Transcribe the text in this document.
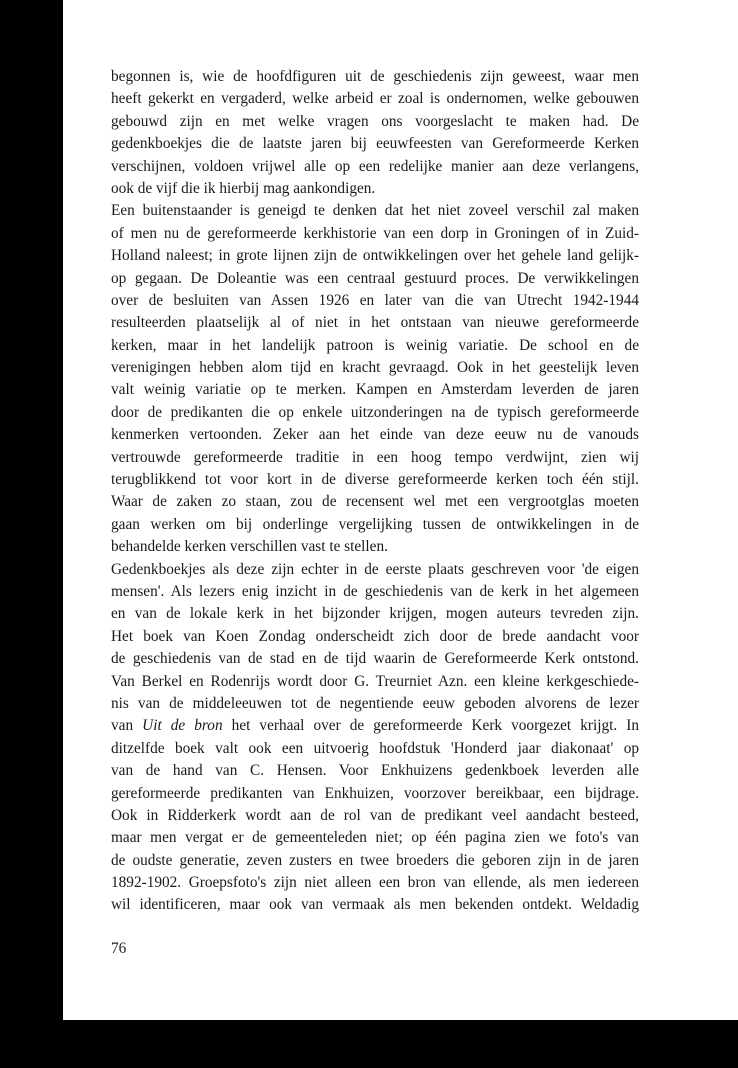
begonnen is, wie de hoofdfiguren uit de geschiedenis zijn geweest, waar men
heeft gekerkt en vergaderd, welke arbeid er zoal is ondernomen, welke gebouwen
gebouwd zijn en met welke vragen ons voorgeslacht te maken had. De
gedenkboekjes die de laatste jaren bij eeuwfeesten van Gereformeerde Kerken
verschijnen, voldoen vrijwel alle op een redelijke manier aan deze verlangens,
ook de vijf die ik hierbij mag aankondigen.
Een buitenstaander is geneigd te denken dat het niet zoveel verschil zal maken
of men nu de gereformeerde kerkhistorie van een dorp in Groningen of in Zuid-
Holland naleest; in grote lijnen zijn de ontwikkelingen over het gehele land gelijk-
op gegaan. De Doleantie was een centraal gestuurd proces. De verwikkelingen
over de besluiten van Assen 1926 en later van die van Utrecht 1942-1944
resulteerden plaatselijk al of niet in het ontstaan van nieuwe gereformeerde
kerken, maar in het landelijk patroon is weinig variatie. De school en de
verenigingen hebben alom tijd en kracht gevraagd. Ook in het geestelijk leven
valt weinig variatie op te merken. Kampen en Amsterdam leverden de jaren
door de predikanten die op enkele uitzonderingen na de typisch gereformeerde
kenmerken vertoonden. Zeker aan het einde van deze eeuw nu de vanouds
vertrouwde gereformeerde traditie in een hoog tempo verdwijnt, zien wij
terugblikkend tot voor kort in de diverse gereformeerde kerken toch één stijl.
Waar de zaken zo staan, zou de recensent wel met een vergrootglas moeten
gaan werken om bij onderlinge vergelijking tussen de ontwikkelingen in de
behandelde kerken verschillen vast te stellen.
Gedenkboekjes als deze zijn echter in de eerste plaats geschreven voor 'de eigen
mensen'. Als lezers enig inzicht in de geschiedenis van de kerk in het algemeen
en van de lokale kerk in het bijzonder krijgen, mogen auteurs tevreden zijn.
Het boek van Koen Zondag onderscheidt zich door de brede aandacht voor
de geschiedenis van de stad en de tijd waarin de Gereformeerde Kerk ontstond.
Van Berkel en Rodenrijs wordt door G. Treurniet Azn. een kleine kerkgeschiede-
nis van de middeleeuwen tot de negentiende eeuw geboden alvorens de lezer
van Uit de bron het verhaal over de gereformeerde Kerk voorgezet krijgt. In
ditzelfde boek valt ook een uitvoerig hoofdstuk 'Honderd jaar diakonaat' op
van de hand van C. Hensen. Voor Enkhuizens gedenkboek leverden alle
gereformeerde predikanten van Enkhuizen, voorzover bereikbaar, een bijdrage.
Ook in Ridderkerk wordt aan de rol van de predikant veel aandacht besteed,
maar men vergat er de gemeenteleden niet; op één pagina zien we foto's van
de oudste generatie, zeven zusters en twee broeders die geboren zijn in de jaren
1892-1902. Groepsfoto's zijn niet alleen een bron van ellende, als men iedereen
wil identificeren, maar ook van vermaak als men bekenden ontdekt. Weldadig
76
